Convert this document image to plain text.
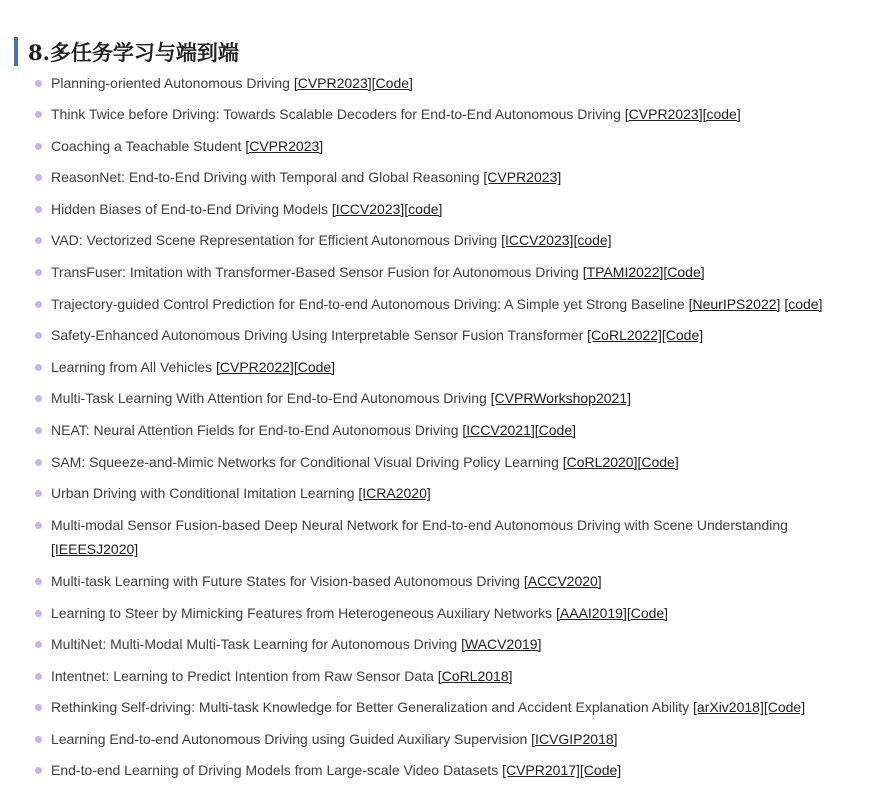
8.多任务学习与端到端
Planning-oriented Autonomous Driving [CVPR2023][Code]
Think Twice before Driving: Towards Scalable Decoders for End-to-End Autonomous Driving [CVPR2023][code]
Coaching a Teachable Student [CVPR2023]
ReasonNet: End-to-End Driving with Temporal and Global Reasoning [CVPR2023]
Hidden Biases of End-to-End Driving Models [ICCV2023][code]
VAD: Vectorized Scene Representation for Efficient Autonomous Driving [ICCV2023][code]
TransFuser: Imitation with Transformer-Based Sensor Fusion for Autonomous Driving [TPAMI2022][Code]
Trajectory-guided Control Prediction for End-to-end Autonomous Driving: A Simple yet Strong Baseline [NeurIPS2022] [code]
Safety-Enhanced Autonomous Driving Using Interpretable Sensor Fusion Transformer [CoRL2022][Code]
Learning from All Vehicles [CVPR2022][Code]
Multi-Task Learning With Attention for End-to-End Autonomous Driving [CVPRWorkshop2021]
NEAT: Neural Attention Fields for End-to-End Autonomous Driving [ICCV2021][Code]
SAM: Squeeze-and-Mimic Networks for Conditional Visual Driving Policy Learning [CoRL2020][Code]
Urban Driving with Conditional Imitation Learning [ICRA2020]
Multi-modal Sensor Fusion-based Deep Neural Network for End-to-end Autonomous Driving with Scene Understanding [IEEESJ2020]
Multi-task Learning with Future States for Vision-based Autonomous Driving [ACCV2020]
Learning to Steer by Mimicking Features from Heterogeneous Auxiliary Networks [AAAI2019][Code]
MultiNet: Multi-Modal Multi-Task Learning for Autonomous Driving [WACV2019]
Intentnet: Learning to Predict Intention from Raw Sensor Data [CoRL2018]
Rethinking Self-driving: Multi-task Knowledge for Better Generalization and Accident Explanation Ability [arXiv2018][Code]
Learning End-to-end Autonomous Driving using Guided Auxiliary Supervision [ICVGIP2018]
End-to-end Learning of Driving Models from Large-scale Video Datasets [CVPR2017][Code]
